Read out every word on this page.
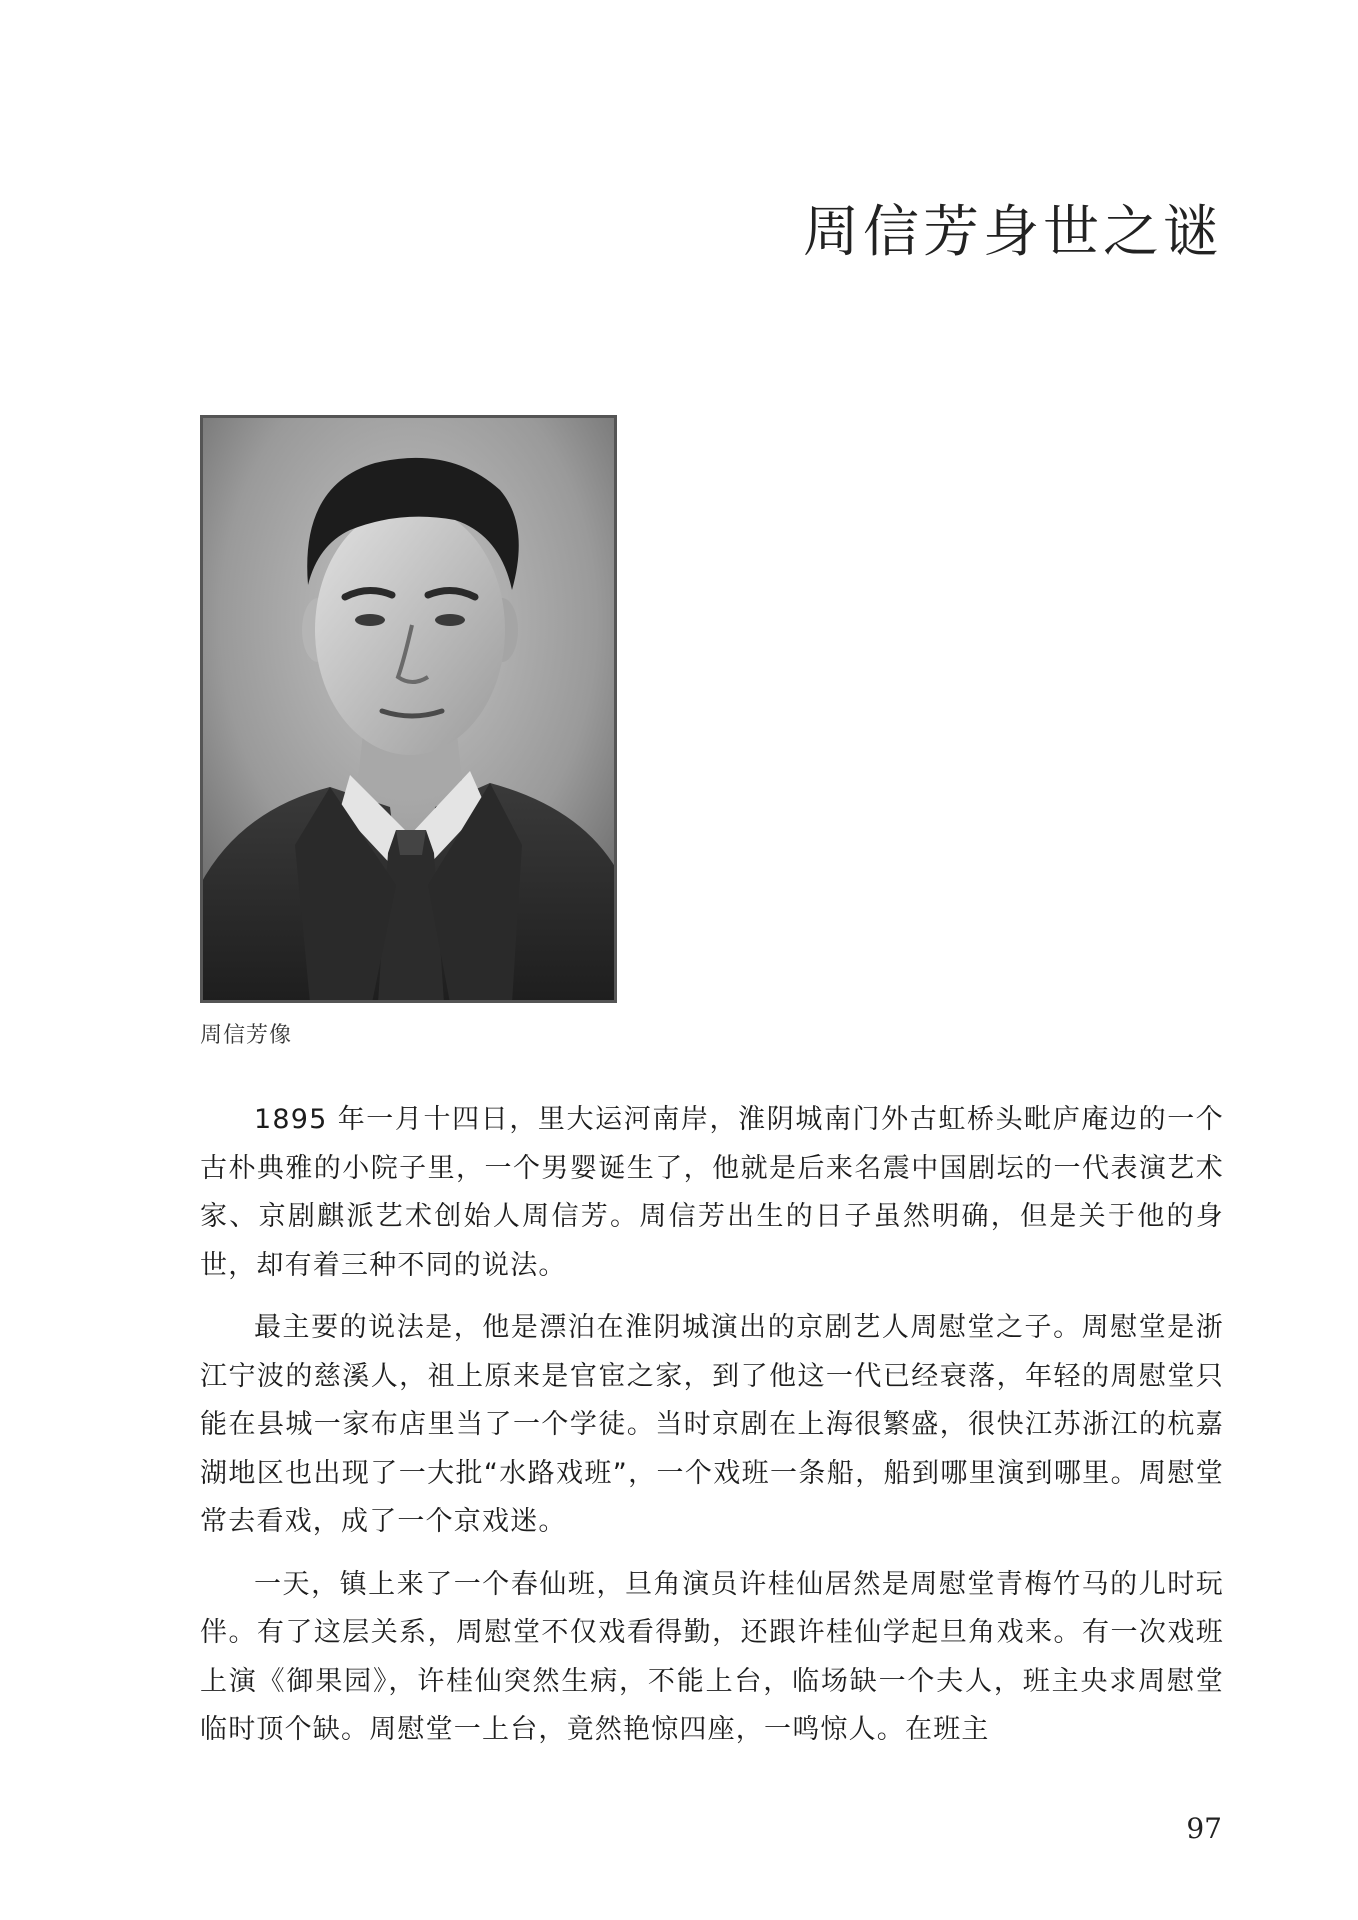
周信芳身世之谜
周信芳像

1895 年一月十四日，里大运河南岸，淮阴城南门外古虹桥头毗庐庵边的一个古朴典雅的小院子里，一个男婴诞生了，他就是后来名震中国剧坛的一代表演艺术家、京剧麒派艺术创始人周信芳。周信芳出生的日子虽然明确，但是关于他的身世，却有着三种不同的说法。

最主要的说法是，他是漂泊在淮阴城演出的京剧艺人周慰堂之子。周慰堂是浙江宁波的慈溪人，祖上原来是官宦之家，到了他这一代已经衰落，年轻的周慰堂只能在县城一家布店里当了一个学徒。当时京剧在上海很繁盛，很快江苏浙江的杭嘉湖地区也出现了一大批“水路戏班”，一个戏班一条船，船到哪里演到哪里。周慰堂常去看戏，成了一个京戏迷。

一天，镇上来了一个春仙班，旦角演员许桂仙居然是周慰堂青梅竹马的儿时玩伴。有了这层关系，周慰堂不仅戏看得勤，还跟许桂仙学起旦角戏来。有一次戏班上演《御果园》，许桂仙突然生病，不能上台，临场缺一个夫人，班主央求周慰堂临时顶个缺。周慰堂一上台，竟然艳惊四座，一鸣惊人。在班主

97
